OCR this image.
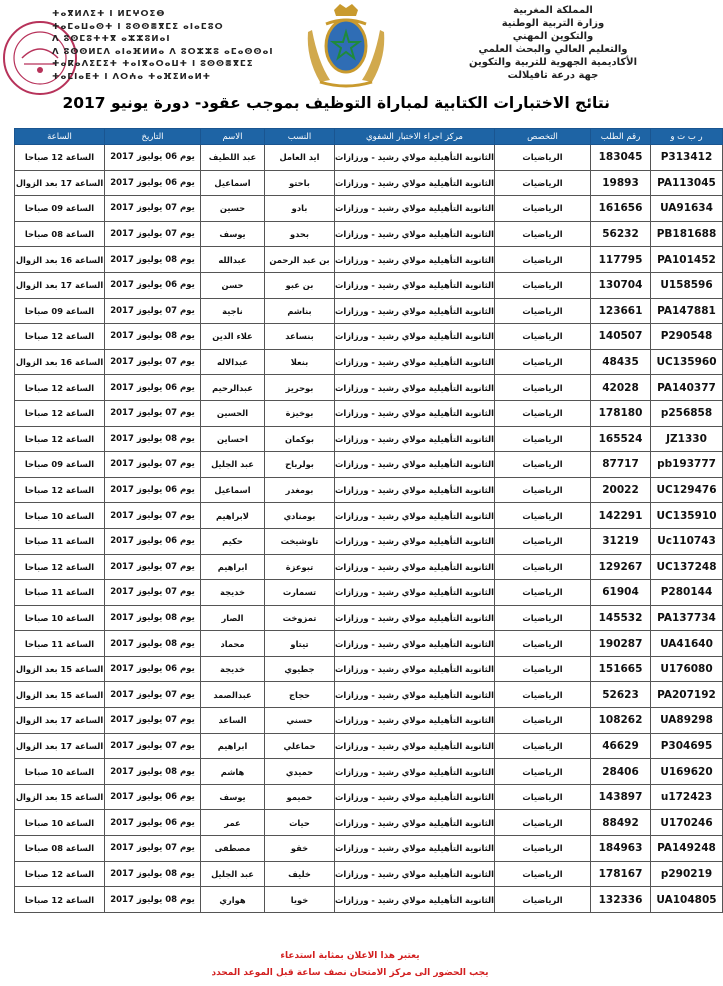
ⵜⴰⴳⵍⴷⵉⵜ ⵏ ⵍⵎⵖⵔⵉⴱ
ⵜⴰⵎⴰⵡⴰⵙⵜ ⵏ ⵓⵙⵙⴻⴳⵎⵉ ⴰⵏⴰⵎⵓⵔ
ⴷ ⵓⵙⵎⵓⵜⵜⴳ ⴰⵣⵣⵓⵍⴰⵏ
ⴷ ⵓⵙⵙⵍⵎⴷ ⴰⵏⴰⴼⵍⵍⴰ ⴷ ⵓⵔⵣⵣⵓ ⴰⵎⴰⵙⵙⴰⵏ
ⵜⴰⴽⴰⴷⵉⵎⵉⵜ ⵜⴰⵏⴳⴰⵔⴰⵡⵜ ⵏ ⵓⵙⵙⴻⴳⵎⵉ
ⵜⴰⵎⵏⴰⴹⵜ ⵏ ⴷⵔⵄⴰ ⵜⴰⴼⵉⵍⴰⵍⵜ
المملكة المغربية
وزارة التربية الوطنية
والتكوين المهني
والتعليم العالي والبحث العلمي
الأكاديمية الجهوية للتربية والتكوين
جهة درعة تافيلالت
نتائج الاختبارات الكتابية لمباراة التوظيف بموجب عقود- دورة يونيو 2017
ر ب ت و	رقم الطلب	التخصص	مركز اجراء الاختبار الشفوي	النسب	الاسم	التاريخ	الساعة
P313412	183045	الرياضيات	الثانوية التأهيلية مولاي رشيد - ورزازات	ايد العامل	عبد اللطيف	يوم 06 يوليوز 2017	الساعة 12 صباحا
PA113045	19893	الرياضيات	الثانوية التأهيلية مولاي رشيد - ورزازات	باحتو	اسماعيل	يوم 06 يوليوز 2017	الساعة 17 بعد الزوال
UA91634	161656	الرياضيات	الثانوية التأهيلية مولاي رشيد - ورزازات	بادو	حسين	يوم 07 يوليوز 2017	الساعة 09 صباحا
PB181688	56232	الرياضيات	الثانوية التأهيلية مولاي رشيد - ورزازات	بحدو	يوسف	يوم 07 يوليوز 2017	الساعة 08 صباحا
PA101452	117795	الرياضيات	الثانوية التأهيلية مولاي رشيد - ورزازات	بن عبد الرحمن	عبدالله	يوم 08 يوليوز 2017	الساعة 16 بعد الزوال
U158596	130704	الرياضيات	الثانوية التأهيلية مولاي رشيد - ورزازات	بن عبو	حسن	يوم 06 يوليوز 2017	الساعة 17 بعد الزوال
PA147881	123661	الرياضيات	الثانوية التأهيلية مولاي رشيد - ورزازات	بناشم	ناجية	يوم 07 يوليوز 2017	الساعة 09 صباحا
P290548	140507	الرياضيات	الثانوية التأهيلية مولاي رشيد - ورزازات	بنساعد	علاء الدين	يوم 08 يوليوز 2017	الساعة 12 صباحا
UC135960	48435	الرياضيات	الثانوية التأهيلية مولاي رشيد - ورزازات	بنعلا	عبدالاله	يوم 07 يوليوز 2017	الساعة 16 بعد الزوال
PA140377	42028	الرياضيات	الثانوية التأهيلية مولاي رشيد - ورزازات	بوحريز	عبدالرحيم	يوم 06 يوليوز 2017	الساعة 12 صباحا
p256858	178180	الرياضيات	الثانوية التأهيلية مولاي رشيد - ورزازات	بوخيزة	الحسين	يوم 07 يوليوز 2017	الساعة 12 صباحا
JZ1330	165524	الرياضيات	الثانوية التأهيلية مولاي رشيد - ورزازات	بوكمان	احساين	يوم 08 يوليوز 2017	الساعة 12 صباحا
pb193777	87717	الرياضيات	الثانوية التأهيلية مولاي رشيد - ورزازات	بولرباح	عبد الجليل	يوم 07 يوليوز 2017	الساعة 09 صباحا
UC129476	20022	الرياضيات	الثانوية التأهيلية مولاي رشيد - ورزازات	بومغدر	اسماعيل	يوم 06 يوليوز 2017	الساعة 12 صباحا
UC135910	142291	الرياضيات	الثانوية التأهيلية مولاي رشيد - ورزازات	بومنادي	لابراهيم	يوم 07 يوليوز 2017	الساعة 10 صباحا
Uc110743	31219	الرياضيات	الثانوية التأهيلية مولاي رشيد - ورزازات	تاوشيخت	حكيم	يوم 06 يوليوز 2017	الساعة 11 صباحا
UC137248	129267	الرياضيات	الثانوية التأهيلية مولاي رشيد - ورزازات	تبوعزة	ابراهيم	يوم 07 يوليوز 2017	الساعة 12 صباحا
P280144	61904	الرياضيات	الثانوية التأهيلية مولاي رشيد - ورزازات	تسمارت	خديجة	يوم 07 يوليوز 2017	الساعة 11 صباحا
PA137734	145532	الرياضيات	الثانوية التأهيلية مولاي رشيد - ورزازات	تمزوخت	الصار	يوم 08 يوليوز 2017	الساعة 10 صباحا
UA41640	190287	الرياضيات	الثانوية التأهيلية مولاي رشيد - ورزازات	تيتاو	محماد	يوم 08 يوليوز 2017	الساعة 11 صباحا
U176080	151665	الرياضيات	الثانوية التأهيلية مولاي رشيد - ورزازات	جطيوي	خديجة	يوم 06 يوليوز 2017	الساعة 15 بعد الزوال
PA207192	52623	الرياضيات	الثانوية التأهيلية مولاي رشيد - ورزازات	حجاج	عبدالصمد	يوم 07 يوليوز 2017	الساعة 15 بعد الزوال
UA89298	108262	الرياضيات	الثانوية التأهيلية مولاي رشيد - ورزازات	حسني	الساعد	يوم 07 يوليوز 2017	الساعة 17 بعد الزوال
P304695	46629	الرياضيات	الثانوية التأهيلية مولاي رشيد - ورزازات	حماعلي	ابراهيم	يوم 07 يوليوز 2017	الساعة 17 بعد الزوال
U169620	28406	الرياضيات	الثانوية التأهيلية مولاي رشيد - ورزازات	حميدي	هاشم	يوم 08 يوليوز 2017	الساعة 10 صباحا
u172423	143897	الرياضيات	الثانوية التأهيلية مولاي رشيد - ورزازات	حميمو	يوسف	يوم 06 يوليوز 2017	الساعة 15 بعد الزوال
U170246	88492	الرياضيات	الثانوية التأهيلية مولاي رشيد - ورزازات	حيات	عمر	يوم 06 يوليوز 2017	الساعة 10 صباحا
PA149248	184963	الرياضيات	الثانوية التأهيلية مولاي رشيد - ورزازات	خقو	مصطفى	يوم 07 يوليوز 2017	الساعة 08 صباحا
p290219	178167	الرياضيات	الثانوية التأهيلية مولاي رشيد - ورزازات	خليف	عبد الجليل	يوم 08 يوليوز 2017	الساعة 12 صباحا
UA104805	132336	الرياضيات	الثانوية التأهيلية مولاي رشيد - ورزازات	خويا	هواري	يوم 08 يوليوز 2017	الساعة 12 صباحا
يعتبر هذا الاعلان بمثابة استدعاء
يجب الحضور الى مركز الامتحان نصف ساعة قبل الموعد المحدد
